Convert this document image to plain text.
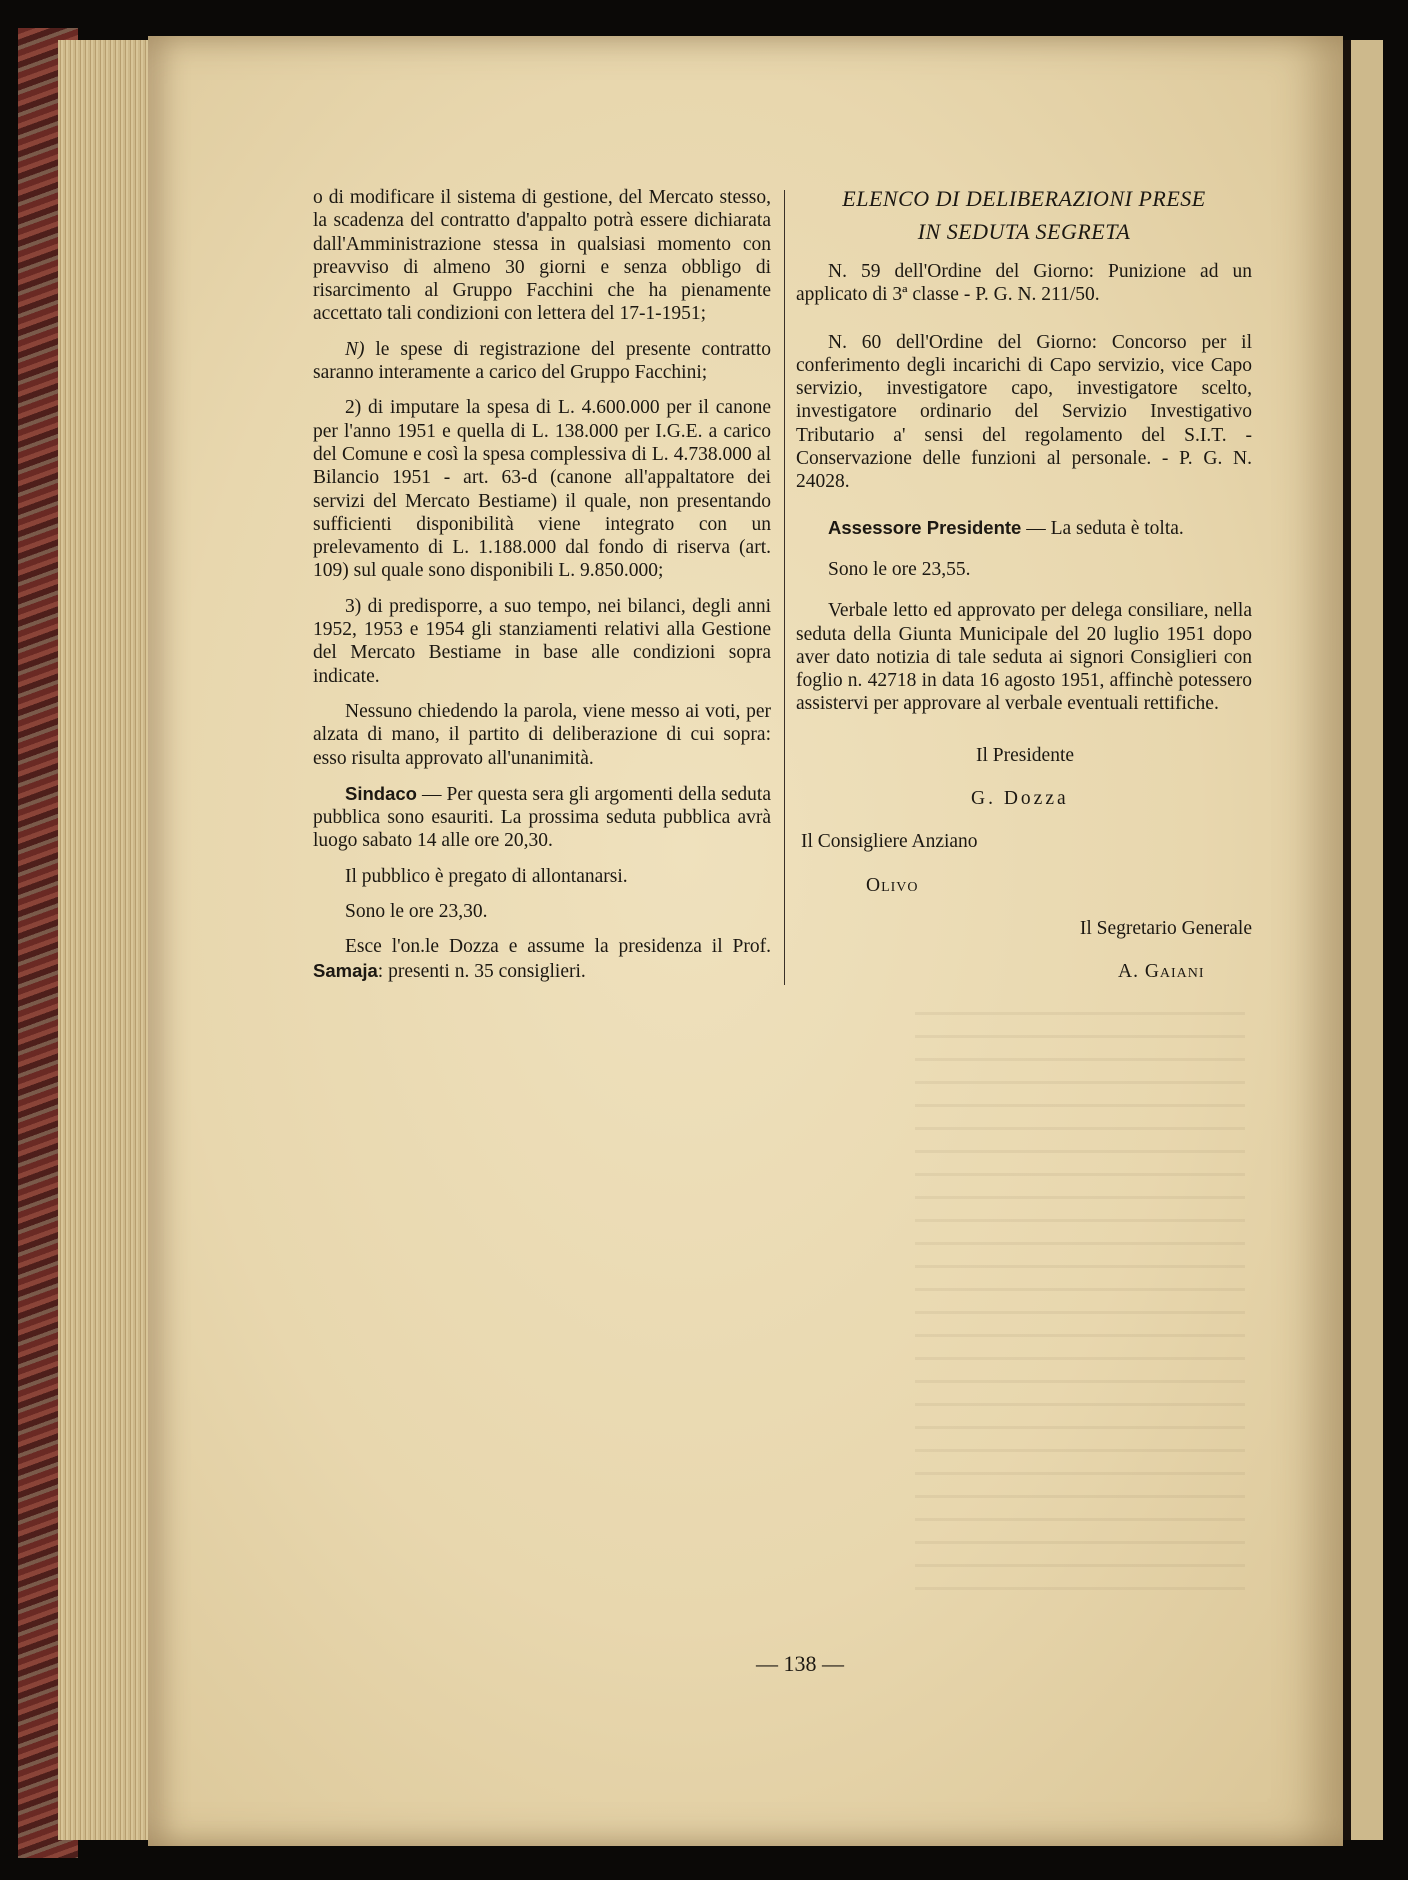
o di modificare il sistema di gestione, del Mercato stesso, la scadenza del contratto d'appalto potrà essere dichiarata dall'Amministrazione stessa in qualsiasi momento con preavviso di almeno 30 giorni e senza obbligo di risarcimento al Gruppo Facchini che ha pienamente accettato tali condizioni con lettera del 17-1-1951;

N) le spese di registrazione del presente contratto saranno interamente a carico del Gruppo Facchini;

2) di imputare la spesa di L. 4.600.000 per il canone per l'anno 1951 e quella di L. 138.000 per I.G.E. a carico del Comune e così la spesa complessiva di L. 4.738.000 al Bilancio 1951 - art. 63-d (canone all'appaltatore dei servizi del Mercato Bestiame) il quale, non presentando sufficienti disponibilità viene integrato con un prelevamento di L. 1.188.000 dal fondo di riserva (art. 109) sul quale sono disponibili L. 9.850.000;

3) di predisporre, a suo tempo, nei bilanci, degli anni 1952, 1953 e 1954 gli stanziamenti relativi alla Gestione del Mercato Bestiame in base alle condizioni sopra indicate.

Nessuno chiedendo la parola, viene messo ai voti, per alzata di mano, il partito di deliberazione di cui sopra: esso risulta approvato all'unanimità.

Sindaco — Per questa sera gli argomenti della seduta pubblica sono esauriti. La prossima seduta pubblica avrà luogo sabato 14 alle ore 20,30.

Il pubblico è pregato di allontanarsi.

Sono le ore 23,30.

Esce l'on.le Dozza e assume la presidenza il Prof. Samaja: presenti n. 35 consiglieri.

ELENCO DI DELIBERAZIONI PRESE
IN SEDUTA SEGRETA

N. 59 dell'Ordine del Giorno: Punizione ad un applicato di 3ª classe - P. G. N. 211/50.

N. 60 dell'Ordine del Giorno: Concorso per il conferimento degli incarichi di Capo servizio, vice Capo servizio, investigatore capo, investigatore scelto, investigatore ordinario del Servizio Investigativo Tributario a' sensi del regolamento del S.I.T. - Conservazione delle funzioni al personale. - P. G. N. 24028.

Assessore Presidente — La seduta è tolta.

Sono le ore 23,55.

Verbale letto ed approvato per delega consiliare, nella seduta della Giunta Municipale del 20 luglio 1951 dopo aver dato notizia di tale seduta ai signori Consiglieri con foglio n. 42718 in data 16 agosto 1951, affinchè potessero assistervi per approvare al verbale eventuali rettifiche.

Il Presidente

G. Dozza

Il Consigliere Anziano

Olivo

Il Segretario Generale

A. Gaiani

— 138 —
